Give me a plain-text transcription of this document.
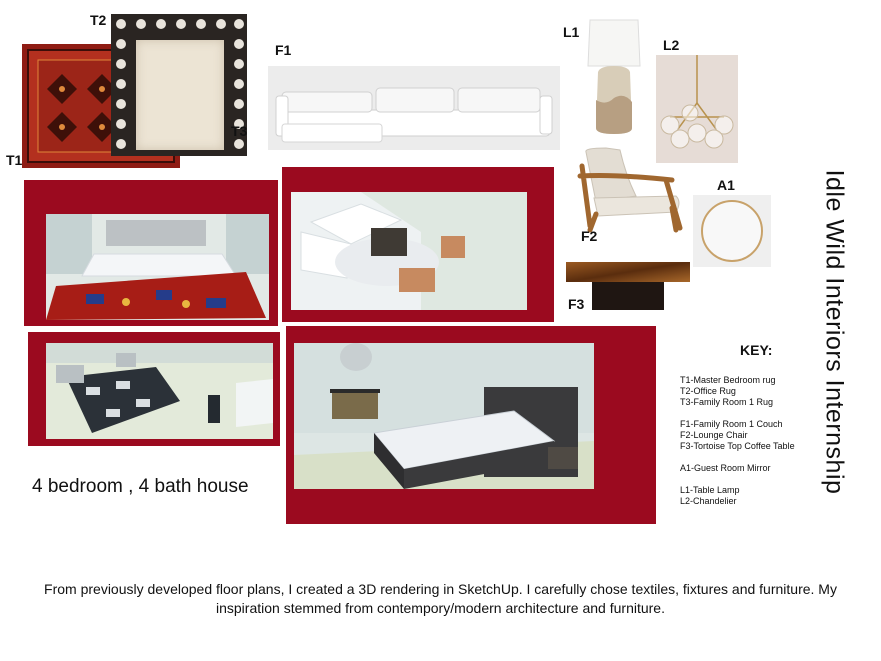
T1
T2
T3
F1
L1
L2
F2
A1
F3
4 bedroom , 4 bath house
KEY:
T1-Master Bedroom rug
T2-Office Rug
T3-Family Room 1 Rug
F1-Family Room 1 Couch
F2-Lounge Chair
F3-Tortoise Top Coffee Table
A1-Guest Room Mirror
L1-Table Lamp
L2-Chandelier
Idle Wild Interiors Internship
From previously developed floor plans, I created a 3D rendering in SketchUp. I carefully chose textiles, fixtures and furniture. My inspiration stemmed from contempory/modern architecture and furniture.
